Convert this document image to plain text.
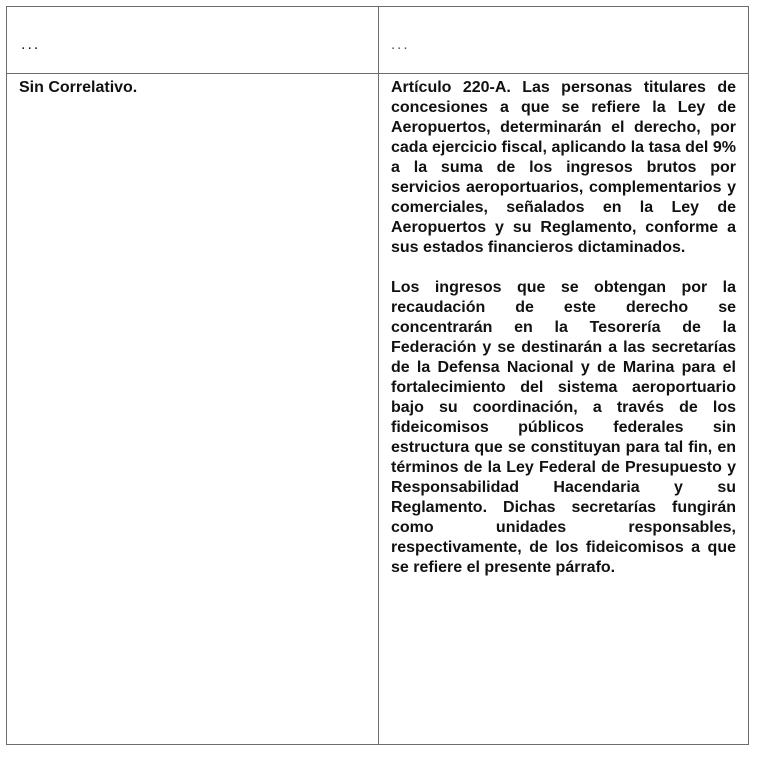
...	...

Sin Correlativo.	Artículo 220-A. Las personas titulares de concesiones a que se refiere la Ley de Aeropuertos, determinarán el derecho, por cada ejercicio fiscal, aplicando la tasa del 9% a la suma de los ingresos brutos por servicios aeroportuarios, complementarios y comerciales, señalados en la Ley de Aeropuertos y su Reglamento, conforme a sus estados financieros dictaminados.

Los ingresos que se obtengan por la recaudación de este derecho se concentrarán en la Tesorería de la Federación y se destinarán a las secretarías de la Defensa Nacional y de Marina para el fortalecimiento del sistema aeroportuario bajo su coordinación, a través de los fideicomisos públicos federales sin estructura que se constituyan para tal fin, en términos de la Ley Federal de Presupuesto y Responsabilidad Hacendaria y su Reglamento. Dichas secretarías fungirán como unidades responsables, respectivamente, de los fideicomisos a que se refiere el presente párrafo.
